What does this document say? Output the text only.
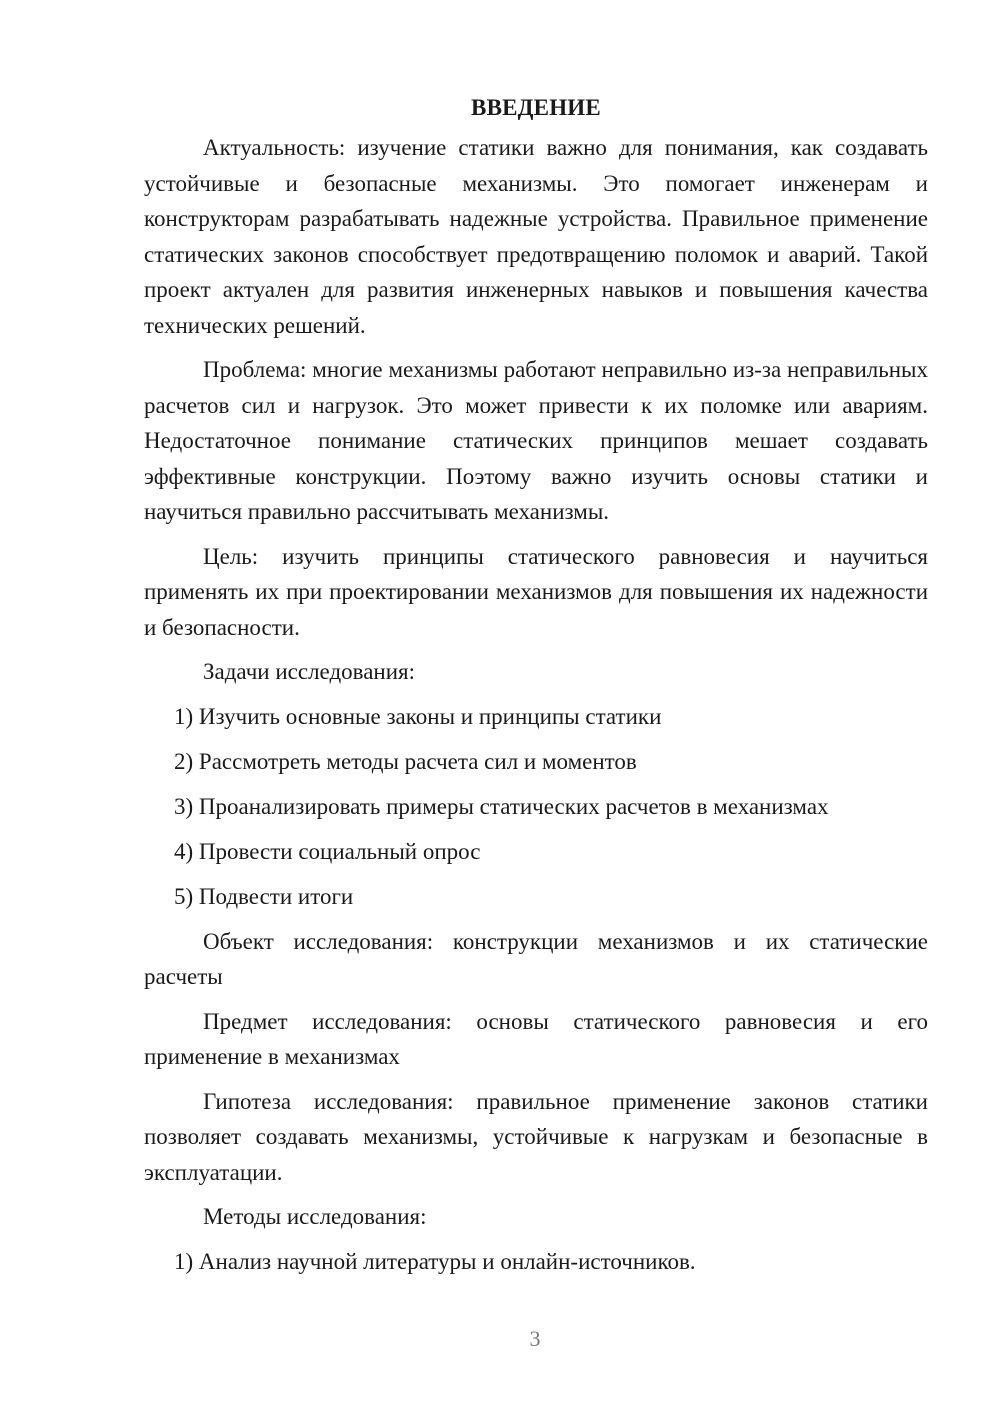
ВВЕДЕНИЕ

Актуальность: изучение статики важно для понимания, как создавать устойчивые и безопасные механизмы. Это помогает инженерам и конструкторам разрабатывать надежные устройства. Правильное применение статических законов способствует предотвращению поломок и аварий. Такой проект актуален для развития инженерных навыков и повышения качества технических решений.

Проблема: многие механизмы работают неправильно из-за неправильных расчетов сил и нагрузок. Это может привести к их поломке или авариям. Недостаточное понимание статических принципов мешает создавать эффективные конструкции. Поэтому важно изучить основы статики и научиться правильно рассчитывать механизмы.

Цель: изучить принципы статического равновесия и научиться применять их при проектировании механизмов для повышения их надежности и безопасности.

Задачи исследования:

1) Изучить основные законы и принципы статики

2) Рассмотреть методы расчета сил и моментов

3) Проанализировать примеры статических расчетов в механизмах

4) Провести социальный опрос

5) Подвести итоги

Объект исследования: конструкции механизмов и их статические расчеты

Предмет исследования: основы статического равновесия и его применение в механизмах

Гипотеза исследования: правильное применение законов статики позволяет создавать механизмы, устойчивые к нагрузкам и безопасные в эксплуатации.

Методы исследования:

1) Анализ научной литературы и онлайн-источников.

3
